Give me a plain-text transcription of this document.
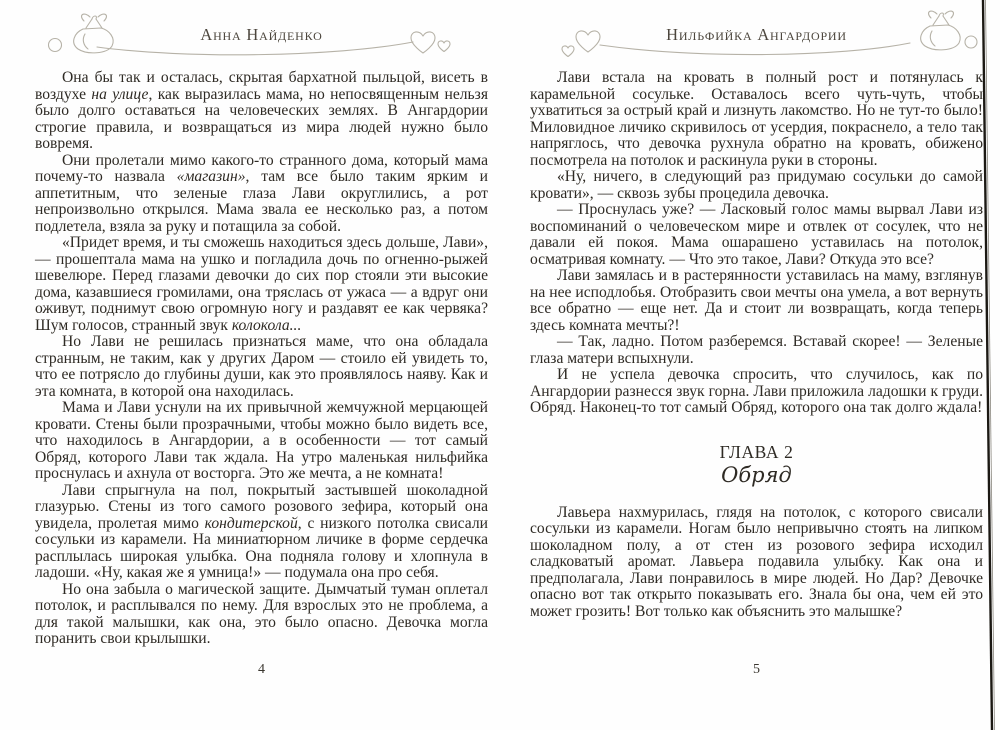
Анна Найденко

Она бы так и осталась, скрытая бархатной пыльцой, висеть в воздухе на улице, как выразилась мама, но непосвященным нельзя было долго оставаться на человеческих землях. В Ангардории строгие правила, и возвращаться из мира людей нужно было вовремя.

Они пролетали мимо какого-то странного дома, который мама почему-то назвала «магазин», там все было таким ярким и аппетитным, что зеленые глаза Лави округлились, а рот непроизвольно открылся. Мама звала ее несколько раз, а потом подлетела, взяла за руку и потащила за собой.

«Придет время, и ты сможешь находиться здесь дольше, Лави», — прошептала мама на ушко и погладила дочь по огненно-рыжей шевелюре. Перед глазами девочки до сих пор стояли эти высокие дома, казавшиеся громилами, она тряслась от ужаса — а вдруг они оживут, поднимут свою огромную ногу и раздавят ее как червяка? Шум голосов, странный звук колокола...

Но Лави не решилась признаться маме, что она обладала странным, не таким, как у других Даром — стоило ей увидеть то, что ее потрясло до глубины души, как это проявлялось наяву. Как и эта комната, в которой она находилась.

Мама и Лави уснули на их привычной жемчужной мерцающей кровати. Стены были прозрачными, чтобы можно было видеть все, что находилось в Ангардории, а в особенности — тот самый Обряд, которого Лави так ждала. На утро маленькая нильфийка проснулась и ахнула от восторга. Это же мечта, а не комната!

Лави спрыгнула на пол, покрытый застывшей шоколадной глазурью. Стены из того самого розового зефира, который она увидела, пролетая мимо кондитерской, с низкого потолка свисали сосульки из карамели. На миниатюрном личике в форме сердечка расплылась широкая улыбка. Она подняла голову и хлопнула в ладоши. «Ну, какая же я умница!» — подумала она про себя.

Но она забыла о магической защите. Дымчатый туман оплетал потолок, и расплывался по нему. Для взрослых это не проблема, а для такой малышки, как она, это было опасно. Девочка могла поранить свои крылышки.

4
Нильфийка Ангардории

Лави встала на кровать в полный рост и потянулась к карамельной сосульке. Оставалось всего чуть-чуть, чтобы ухватиться за острый край и лизнуть лакомство. Но не тут-то было! Миловидное личико скривилось от усердия, покраснело, а тело так напряглось, что девочка рухнула обратно на кровать, обижено посмотрела на потолок и раскинула руки в стороны.

«Ну, ничего, в следующий раз придумаю сосульки до самой кровати», — сквозь зубы процедила девочка.

— Проснулась уже? — Ласковый голос мамы вырвал Лави из воспоминаний о человеческом мире и отвлек от сосулек, что не давали ей покоя. Мама ошарашено уставилась на потолок, осматривая комнату. — Что это такое, Лави? Откуда это все?

Лави замялась и в растерянности уставилась на маму, взглянув на нее исподлобья. Отобразить свои мечты она умела, а вот вернуть все обратно — еще нет. Да и стоит ли возвращать, когда теперь здесь комната мечты?!

— Так, ладно. Потом разберемся. Вставай скорее! — Зеленые глаза матери вспыхнули.

И не успела девочка спросить, что случилось, как по Ангардории разнесся звук горна. Лави приложила ладошки к груди. Обряд. Наконец-то тот самый Обряд, которого она так долго ждала!

ГЛАВА 2
Обряд

Лавьера нахмурилась, глядя на потолок, с которого свисали сосульки из карамели. Ногам было непривычно стоять на липком шоколадном полу, а от стен из розового зефира исходил сладковатый аромат. Лавьера подавила улыбку. Как она и предполагала, Лави понравилось в мире людей. Но Дар? Девочке опасно вот так открыто показывать его. Знала бы она, чем ей это может грозить! Вот только как объяснить это малышке?

5
